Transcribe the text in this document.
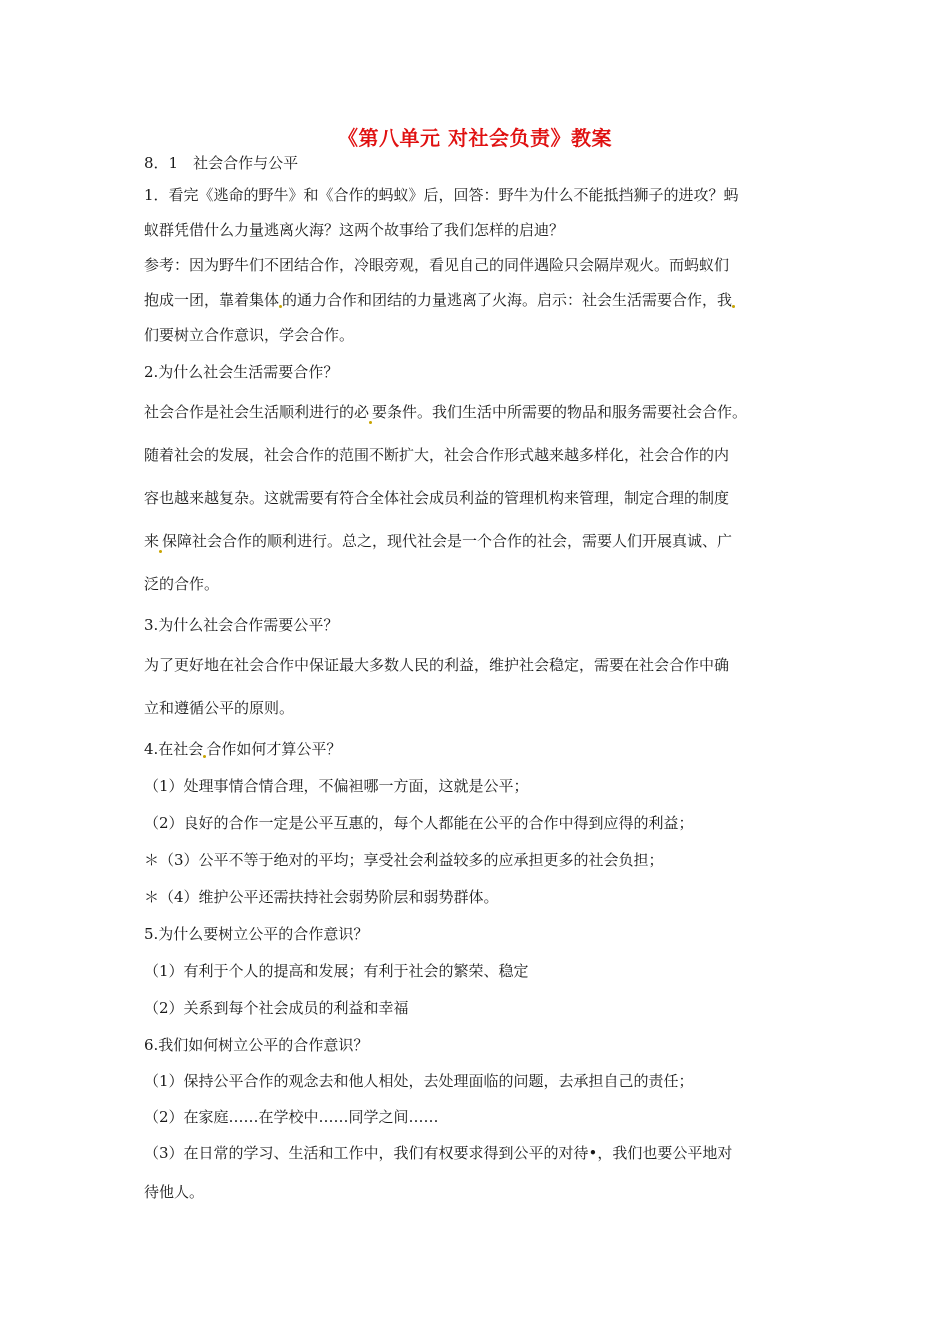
《第八单元 对社会负责》教案
8．1　社会合作与公平
1．看完《逃命的野牛》和《合作的蚂蚁》后，回答：野牛为什么不能抵挡狮子的进攻？蚂
蚁群凭借什么力量逃离火海？这两个故事给了我们怎样的启迪？
参考：因为野牛们不团结合作，冷眼旁观，看见自己的同伴遇险只会隔岸观火。而蚂蚁们
抱成一团，靠着集体 的通力合作和团结的力量逃离了火海。启示：社会生活需要合作，我
们要树立合作意识，学会合作。
2.为什么社会生活需要合作？
社会合作是社会生活顺利进行的必 要条件。我们生活中所需要的物品和服务需要社会合作。
随着社会的发展，社会合作的范围不断扩大，社会合作形式越来越多样化，社会合作的内
容也越来越复杂。这就需要有符合全体社会成员利益的管理机构来管理，制定合理的制度
来 保障社会合作的顺利进行。总之，现代社会是一个合作的社会，需要人们开展真诚、广
泛的合作。
3.为什么社会合作需要公平？
为了更好地在社会合作中保证最大多数人民的利益，维护社会稳定，需要在社会合作中确
立和遵循公平的原则。
4.在社会 合作如何才算公平？
（1）处理事情合情合理，不偏袒哪一方面，这就是公平；
（2）良好的合作一定是公平互惠的，每个人都能在公平的合作中得到应得的利益；
＊（3）公平不等于绝对的平均；享受社会利益较多的应承担更多的社会负担；
＊（4）维护公平还需扶持社会弱势阶层和弱势群体。
5.为什么要树立公平的合作意识？
（1）有利于个人的提高和发展；有利于社会的繁荣、稳定
（2）关系到每个社会成员的利益和幸福
6.我们如何树立公平的合作意识？
（1）保持公平合作的观念去和他人相处，去处理面临的问题，去承担自己的责任；
（2）在家庭……在学校中……同学之间……
（3）在日常的学习、生活和工作中，我们有权要求得到公平的对待•，我们也要公平地对
待他人。
